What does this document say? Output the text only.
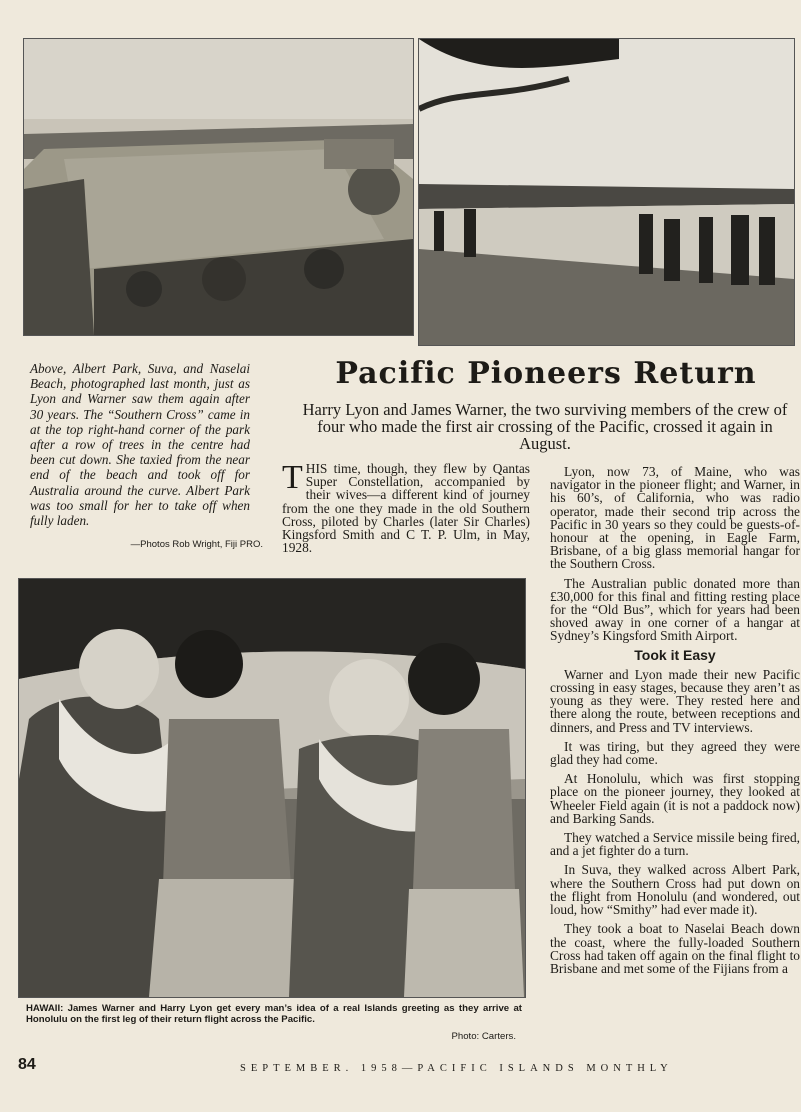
Above, Albert Park, Suva, and Naselai Beach, photographed last month, just as Lyon and Warner saw them again after 30 years. The “Southern Cross” came in at the top right-hand corner of the park after a row of trees in the centre had been cut down. She taxied from the near end of the beach and took off for Australia around the curve. Albert Park was too small for her to take off when fully laden.
—Photos Rob Wright, Fiji PRO.
Pacific Pioneers Return
Harry Lyon and James Warner, the two surviving members of the crew of four who made the first air crossing of the Pacific, crossed it again in August.

THIS time, though, they flew by Qantas Super Constellation, accompanied by their wives—a different kind of journey from the one they made in the old Southern Cross, piloted by Charles (later Sir Charles) Kingsford Smith and C T. P. Ulm, in May, 1928.

Lyon, now 73, of Maine, who was navigator in the pioneer flight; and Warner, in his 60’s, of California, who was radio operator, made their second trip across the Pacific in 30 years so they could be guests-of-honour at the opening, in Eagle Farm, Brisbane, of a big glass memorial hangar for the Southern Cross.

The Australian public donated more than £30,000 for this final and fitting resting place for the “Old Bus”, which for years had been shoved away in one corner of a hangar at Sydney’s Kingsford Smith Airport.

Took it Easy

Warner and Lyon made their new Pacific crossing in easy stages, because they aren’t as young as they were. They rested here and there along the route, between receptions and dinners, and Press and TV interviews.

It was tiring, but they agreed they were glad they had come.

At Honolulu, which was first stopping place on the pioneer journey, they looked at Wheeler Field again (it is not a paddock now) and Barking Sands.

They watched a Service missile being fired, and a jet fighter do a turn.

In Suva, they walked across Albert Park, where the Southern Cross had put down on the flight from Honolulu (and wondered, out loud, how “Smithy” had ever made it).

They took a boat to Naselai Beach down the coast, where the fully-loaded Southern Cross had taken off again on the final flight to Brisbane and met some of the Fijians from a

HAWAII: James Warner and Harry Lyon get every man’s idea of a real Islands greeting as they arrive at Honolulu on the first leg of their return flight across the Pacific.
Photo: Carters.
84	SEPTEMBER. 1958—PACIFIC ISLANDS MONTHLY
